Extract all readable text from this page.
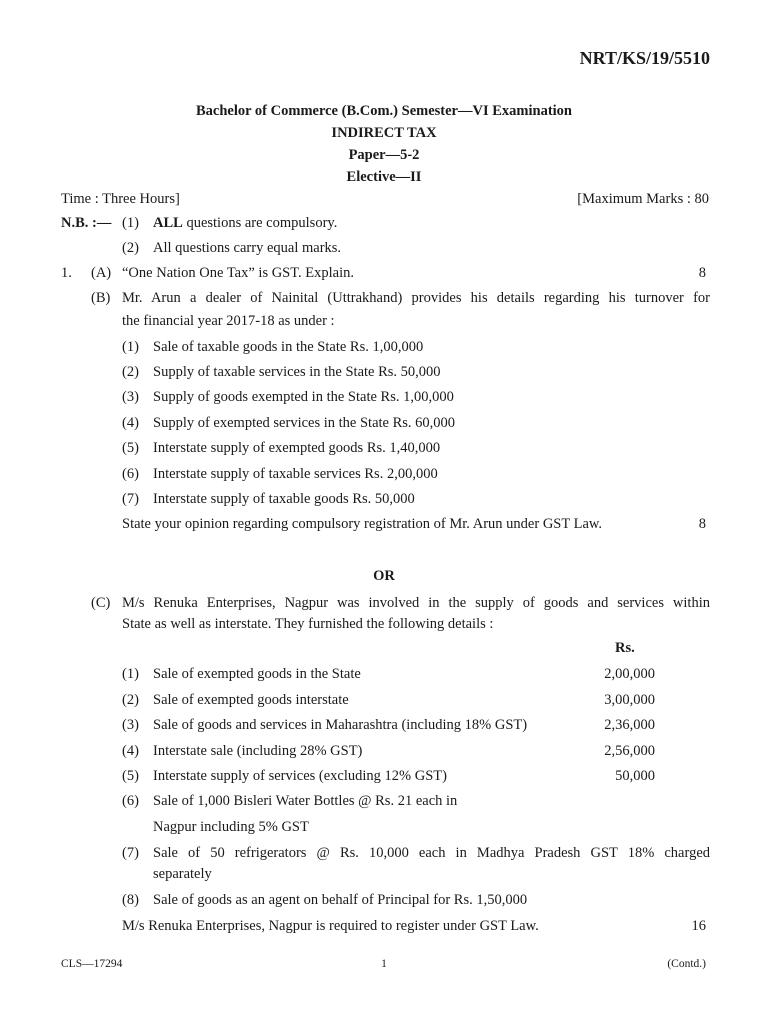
NRT/KS/19/5510
Bachelor of Commerce (B.Com.) Semester—VI Examination
INDIRECT TAX
Paper—5-2
Elective—II
Time : Three Hours]	[Maximum Marks : 80
N.B. :— (1) ALL questions are compulsory.
(2) All questions carry equal marks.
1. (A) “One Nation One Tax” is GST. Explain.	8
(B) Mr. Arun a dealer of Nainital (Uttrakhand) provides his details regarding his turnover for
the financial year 2017-18 as under :
(1) Sale of taxable goods in the State Rs. 1,00,000
(2) Supply of taxable services in the State Rs. 50,000
(3) Supply of goods exempted in the State Rs. 1,00,000
(4) Supply of exempted services in the State Rs. 60,000
(5) Interstate supply of exempted goods Rs. 1,40,000
(6) Interstate supply of taxable services Rs. 2,00,000
(7) Interstate supply of taxable goods Rs. 50,000
State your opinion regarding compulsory registration of Mr. Arun under GST Law.	8
OR
(C) M/s Renuka Enterprises, Nagpur was involved in the supply of goods and services within
State as well as interstate. They furnished the following details :
Rs.
(1) Sale of exempted goods in the State	2,00,000
(2) Sale of exempted goods interstate	3,00,000
(3) Sale of goods and services in Maharashtra (including 18% GST)	2,36,000
(4) Interstate sale (including 28% GST)	2,56,000
(5) Interstate supply of services (excluding 12% GST)	50,000
(6) Sale of 1,000 Bisleri Water Bottles @ Rs. 21 each in
Nagpur including 5% GST
(7) Sale of 50 refrigerators @ Rs. 10,000 each in Madhya Pradesh GST 18% charged
separately
(8) Sale of goods as an agent on behalf of Principal for Rs. 1,50,000
M/s Renuka Enterprises, Nagpur is required to register under GST Law.	16
CLS—17294	1	(Contd.)
